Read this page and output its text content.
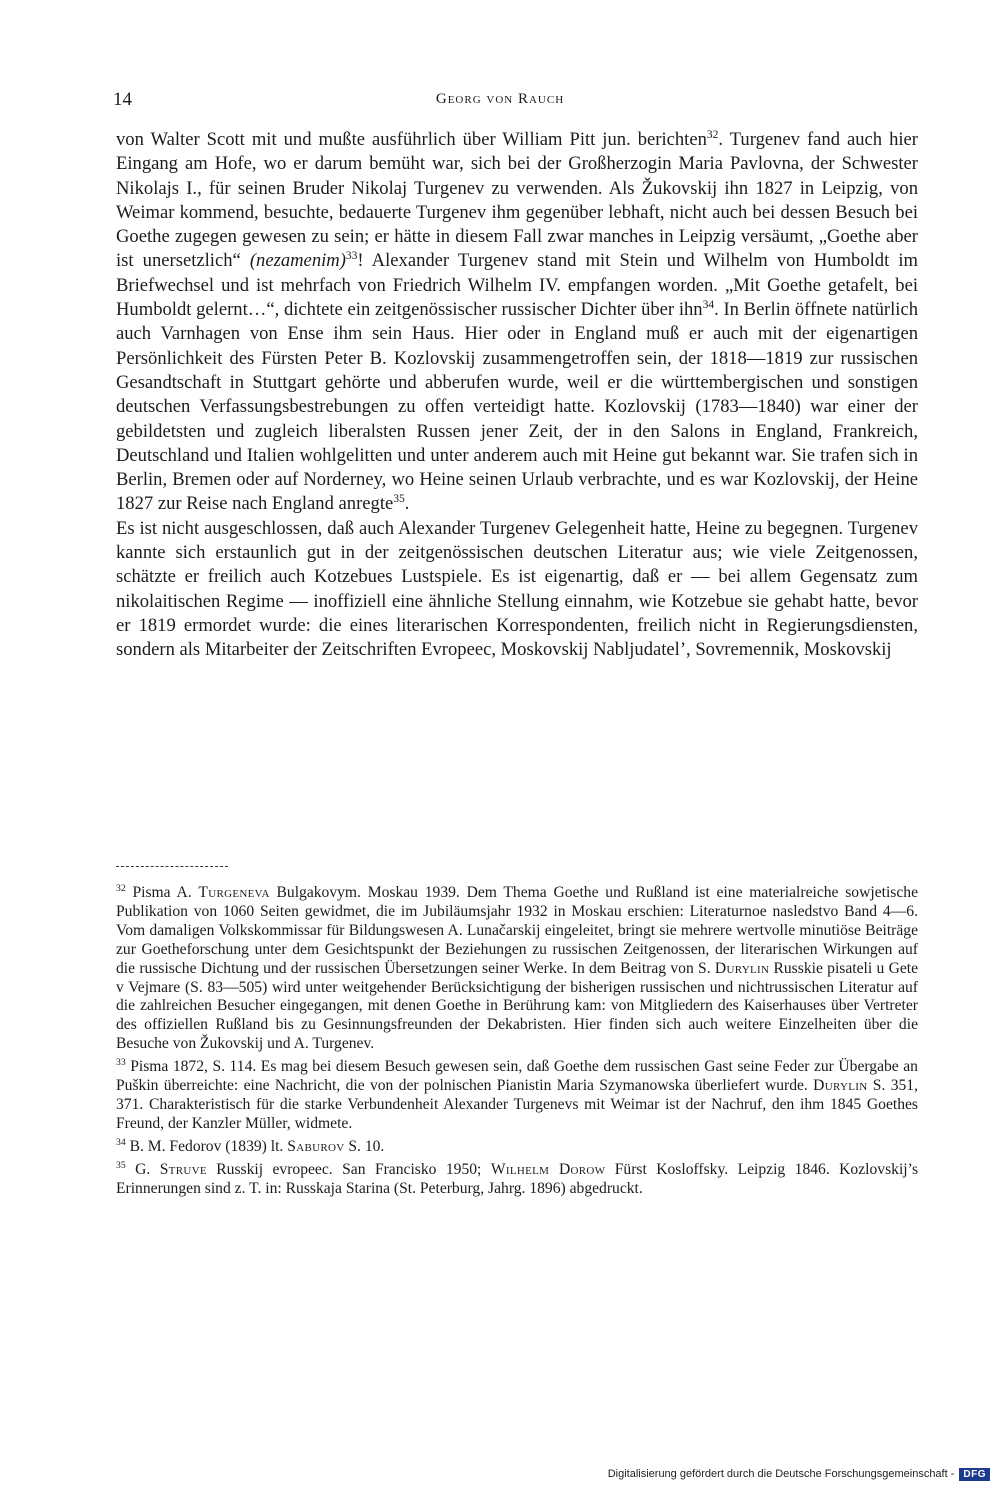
14	Georg von Rauch

von Walter Scott mit und mußte ausführlich über William Pitt jun. berichten$^{32}$. Turgenev fand auch hier Eingang am Hofe, wo er darum bemüht war, sich bei der Großherzogin Maria Pavlovna, der Schwester Nikolajs I., für seinen Bruder Nikolaj Turgenev zu verwenden. Als Žukovskij ihn 1827 in Leipzig, von Weimar kommend, besuchte, bedauerte Turgenev ihm gegenüber lebhaft, nicht auch bei dessen Besuch bei Goethe zugegen gewesen zu sein; er hätte in diesem Fall zwar manches in Leipzig versäumt, „Goethe aber ist unersetzlich“ (nezamenim)$^{33}$! Alexander Turgenev stand mit Stein und Wilhelm von Humboldt im Briefwechsel und ist mehrfach von Friedrich Wilhelm IV. empfangen worden. „Mit Goethe getafelt, bei Humboldt gelernt…“, dichtete ein zeitgenössischer russischer Dichter über ihn$^{34}$. In Berlin öffnete natürlich auch Varnhagen von Ense ihm sein Haus. Hier oder in England muß er auch mit der eigenartigen Persönlichkeit des Fürsten Peter B. Kozlovskij zusammengetroffen sein, der 1818—1819 zur russischen Gesandtschaft in Stuttgart gehörte und abberufen wurde, weil er die württembergischen und sonstigen deutschen Verfassungsbestrebungen zu offen verteidigt hatte. Kozlovskij (1783—1840) war einer der gebildetsten und zugleich liberalsten Russen jener Zeit, der in den Salons in England, Frankreich, Deutschland und Italien wohlgelitten und unter anderem auch mit Heine gut bekannt war. Sie trafen sich in Berlin, Bremen oder auf Norderney, wo Heine seinen Urlaub verbrachte, und es war Kozlovskij, der Heine 1827 zur Reise nach England anregte$^{35}$.

Es ist nicht ausgeschlossen, daß auch Alexander Turgenev Gelegenheit hatte, Heine zu begegnen. Turgenev kannte sich erstaunlich gut in der zeitgenössischen deutschen Literatur aus; wie viele Zeitgenossen, schätzte er freilich auch Kotzebues Lustspiele. Es ist eigenartig, daß er — bei allem Gegensatz zum nikolaitischen Regime — inoffiziell eine ähnliche Stellung einnahm, wie Kotzebue sie gehabt hatte, bevor er 1819 ermordet wurde: die eines literarischen Korrespondenten, freilich nicht in Regierungsdiensten, sondern als Mitarbeiter der Zeitschriften Evropeec, Moskovskij Nabljudatel’, Sovremennik, Moskovskij

$^{32}$ Pisma A. Turgeneva Bulgakovym. Moskau 1939. Dem Thema Goethe und Rußland ist eine materialreiche sowjetische Publikation von 1060 Seiten gewidmet, die im Jubiläumsjahr 1932 in Moskau erschien: Literaturnoe nasledstvo Band 4—6. Vom damaligen Volkskommissar für Bildungswesen A. Lunačarskij eingeleitet, bringt sie mehrere wertvolle minutiöse Beiträge zur Goetheforschung unter dem Gesichtspunkt der Beziehungen zu russischen Zeitgenossen, der literarischen Wirkungen auf die russische Dichtung und der russischen Übersetzungen seiner Werke. In dem Beitrag von S. Durylin Russkie pisateli u Gete v Vejmare (S. 83—505) wird unter weitgehender Berücksichtigung der bisherigen russischen und nichtrussischen Literatur auf die zahlreichen Besucher eingegangen, mit denen Goethe in Berührung kam: von Mitgliedern des Kaiserhauses über Vertreter des offiziellen Rußland bis zu Gesinnungsfreunden der Dekabristen. Hier finden sich auch weitere Einzelheiten über die Besuche von Žukovskij und A. Turgenev.

$^{33}$ Pisma 1872, S. 114. Es mag bei diesem Besuch gewesen sein, daß Goethe dem russischen Gast seine Feder zur Übergabe an Puškin überreichte: eine Nachricht, die von der polnischen Pianistin Maria Szymanowska überliefert wurde. Durylin S. 351, 371. Charakteristisch für die starke Verbundenheit Alexander Turgenevs mit Weimar ist der Nachruf, den ihm 1845 Goethes Freund, der Kanzler Müller, widmete.

$^{34}$ B. M. Fedorov (1839) lt. Saburov S. 10.

$^{35}$ G. Struve Russkij evropeec. San Francisko 1950; Wilhelm Dorow Fürst Kosloffsky. Leipzig 1846. Kozlovskij’s Erinnerungen sind z. T. in: Russkaja Starina (St. Peterburg, Jahrg. 1896) abgedruckt.

Digitalisierung gefördert durch die Deutsche Forschungsgemeinschaft - DFG
